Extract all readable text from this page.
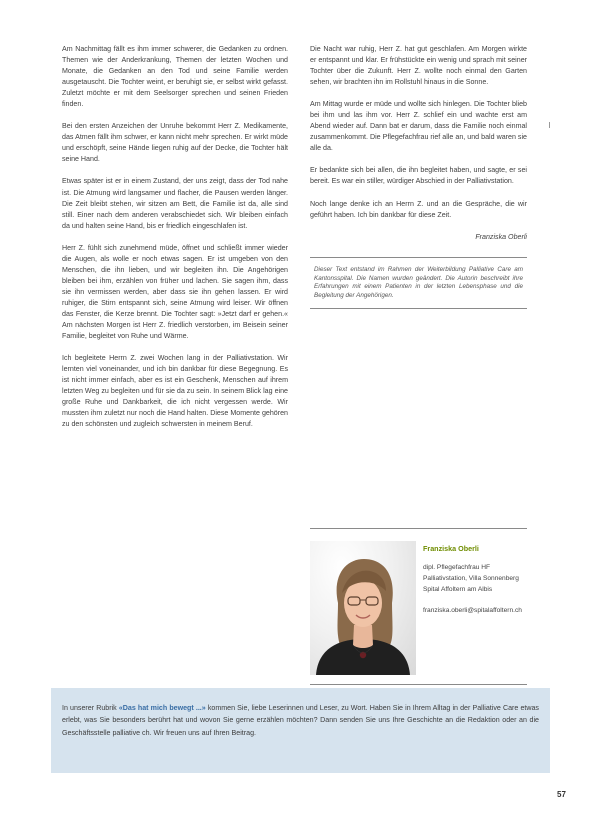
Am Nachmittag fällt es ihm immer schwerer, die Gedanken zu ordnen. Themen wie der Anderkrankung, Themen der letzten Wochen und Monate, die Gedanken an den Tod und seine Familie werden ausgetauscht. Die Tochter weint, er beruhigt sie, er selbst wirkt gefasst. Zuletzt möchte er mit dem Seelsorger sprechen und seinen Frieden finden.

Bei den ersten Anzeichen der Unruhe bekommt Herr Z. Medikamente, das Atmen fällt ihm schwer, er kann nicht mehr sprechen. Er wirkt müde und erschöpft, seine Hände liegen ruhig auf der Decke, die Tochter hält seine Hand.

Etwas später ist er in einem Zustand, der uns zeigt, dass der Tod nahe ist. Die Atmung wird langsamer und flacher, die Pausen werden länger. Die Zeit bleibt stehen, wir sitzen am Bett, die Familie ist da, alle sind still. Einer nach dem anderen verabschiedet sich. Wir bleiben einfach da und halten seine Hand, bis er friedlich eingeschlafen ist.

Herr Z. fühlt sich zunehmend müde, öffnet und schließt immer wieder die Augen, als wolle er noch etwas sagen. Er ist umgeben von den Menschen, die ihn lieben, und wir begleiten ihn. Die Angehörigen bleiben bei ihm, erzählen von früher und lachen. Sie sagen ihm, dass sie ihn vermissen werden, aber dass sie ihn gehen lassen. Er wird ruhiger, die Stirn entspannt sich, seine Atmung wird leiser. Wir öffnen das Fenster, die Kerze brennt. Die Tochter sagt: »Jetzt darf er gehen.« Am nächsten Morgen ist Herr Z. friedlich verstorben, im Beisein seiner Familie, begleitet von Ruhe und Wärme.

Ich begleitete Herrn Z. zwei Wochen lang in der Palliativstation. Wir lernten viel voneinander, und ich bin dankbar für diese Begegnung. Es ist nicht immer einfach, aber es ist ein Geschenk, Menschen auf ihrem letzten Weg zu begleiten und für sie da zu sein. In seinem Blick lag eine große Ruhe und Dankbarkeit, die ich nicht vergessen werde. Wir mussten ihm zuletzt nur noch die Hand halten. Diese Momente gehören zu den schönsten und zugleich schwersten in meinem Beruf.

Die Nacht war ruhig, Herr Z. hat gut geschlafen. Am Morgen wirkte er entspannt und klar. Er frühstückte ein wenig und sprach mit seiner Tochter über die Zukunft. Herr Z. wollte noch einmal den Garten sehen, wir brachten ihn im Rollstuhl hinaus in die Sonne.

Am Mittag wurde er müde und wollte sich hinlegen. Die Tochter blieb bei ihm und las ihm vor. Herr Z. schlief ein und wachte erst am Abend wieder auf. Dann bat er darum, dass die Familie noch einmal zusammenkommt. Die Pflegefachfrau rief alle an, und bald waren sie alle da.

Er bedankte sich bei allen, die ihn begleitet haben, und sagte, er sei bereit. Es war ein stiller, würdiger Abschied in der Palliativstation.

Noch lange denke ich an Herrn Z. und an die Gespräche, die wir geführt haben. Ich bin dankbar für diese Zeit.

Franziska Oberli
Dieser Text entstand im Rahmen der Weiterbildung Palliative Care am Kantonsspital. Die Namen wurden geändert. Die Autorin beschreibt ihre Erfahrungen mit einem Patienten in der letzten Lebensphase und die Begleitung der Angehörigen.
Franziska Oberli

dipl. Pflegefachfrau HF
Palliativstation, Villa Sonnenberg
Spital Affoltern am Albis

franziska.oberli@spitalaffoltern.ch

In unserer Rubrik «Das hat mich bewegt ...» kommen Sie, liebe Leserinnen und Leser, zu Wort. Haben Sie in Ihrem Alltag in der Palliative Care etwas erlebt, was Sie besonders berührt hat und wovon Sie gerne erzählen möchten? Dann senden Sie uns Ihre Geschichte an die Redaktion oder an die Geschäftsstelle palliative ch. Wir freuen uns auf Ihren Beitrag.
57
